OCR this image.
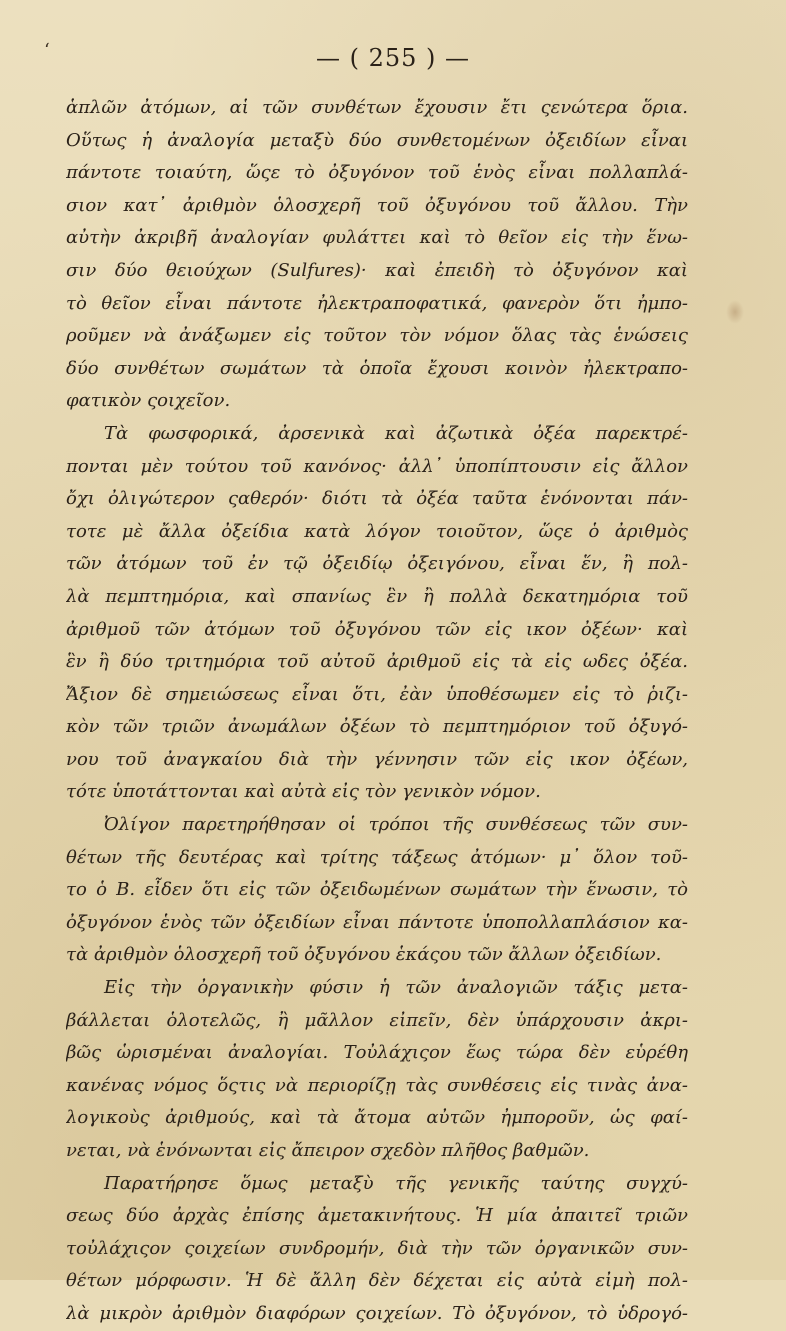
‘	— ( 255 ) —
ἁπλῶν ἀτόμων, αἱ τῶν συνθέτων ἔχουσιν ἔτι ςενώτερα ὅρια.
Οὕτως ἡ ἀναλογία μεταξὺ δύο συνθετομένων ὀξειδίων εἶναι
πάντοτε τοιαύτη, ὥςε τὸ ὀξυγόνον τοῦ ἑνὸς εἶναι πολλαπλά-
σιον κατ᾽ ἀριθμὸν ὁλοσχερῆ τοῦ ὀξυγόνου τοῦ ἄλλου. Τὴν
αὐτὴν ἀκριβῆ ἀναλογίαν φυλάττει καὶ τὸ θεῖον εἰς τὴν ἕνω-
σιν δύο θειούχων (Sulfures)· καὶ ἐπειδὴ τὸ ὀξυγόνον καὶ
τὸ θεῖον εἶναι πάντοτε ἠλεκτραποφατικά, φανερὸν ὅτι ἠμπο-
ροῦμεν νὰ ἀνάξωμεν εἰς τοῦτον τὸν νόμον ὅλας τὰς ἑνώσεις
δύο συνθέτων σωμάτων τὰ ὁποῖα ἔχουσι κοινὸν ἠλεκτραπο-
φατικὸν ςοιχεῖον.
Τὰ φωσφορικά, ἀρσενικὰ καὶ ἀζωτικὰ ὀξέα παρεκτρέ-
πονται μὲν τούτου τοῦ κανόνος· ἀλλ᾽ ὑποπίπτουσιν εἰς ἄλλον
ὄχι ὀλιγώτερον ςαθερόν· διότι τὰ ὀξέα ταῦτα ἑνόνονται πάν-
τοτε μὲ ἄλλα ὀξείδια κατὰ λόγον τοιοῦτον, ὥςε ὁ ἀριθμὸς
τῶν ἀτόμων τοῦ ἐν τῷ ὀξειδίῳ ὀξειγόνου, εἶναι ἕν, ἢ πολ-
λὰ πεμπτημόρια, καὶ σπανίως ἓν ἢ πολλὰ δεκατημόρια τοῦ
ἀριθμοῦ τῶν ἀτόμων τοῦ ὀξυγόνου τῶν εἰς ικον ὀξέων· καὶ
ἓν ἢ δύο τριτημόρια τοῦ αὐτοῦ ἀριθμοῦ εἰς τὰ εἰς ωδες ὀξέα.
Ἄξιον δὲ σημειώσεως εἶναι ὅτι, ἐὰν ὑποθέσωμεν εἰς τὸ ῥιζι-
κὸν τῶν τριῶν ἀνωμάλων ὀξέων τὸ πεμπτημόριον τοῦ ὀξυγό-
νου τοῦ ἀναγκαίου διὰ τὴν γέννησιν τῶν εἰς ικον ὀξέων,
τότε ὑποτάττονται καὶ αὐτὰ εἰς τὸν γενικὸν νόμον.
Ὀλίγον παρετηρήθησαν οἱ τρόποι τῆς συνθέσεως τῶν συν-
θέτων τῆς δευτέρας καὶ τρίτης τάξεως ἀτόμων· μ᾽ ὅλον τοῦ-
το ὁ Β. εἶδεν ὅτι εἰς τῶν ὀξειδωμένων σωμάτων τὴν ἕνωσιν, τὸ
ὀξυγόνον ἑνὸς τῶν ὀξειδίων εἶναι πάντοτε ὑποπολλαπλάσιον κα-
τὰ ἀριθμὸν ὁλοσχερῆ τοῦ ὀξυγόνου ἑκάςου τῶν ἄλλων ὀξειδίων.
Εἰς τὴν ὀργανικὴν φύσιν ἡ τῶν ἀναλογιῶν τάξις μετα-
βάλλεται ὁλοτελῶς, ἢ μᾶλλον εἰπεῖν, δὲν ὑπάρχουσιν ἀκρι-
βῶς ὡρισμέναι ἀναλογίαι. Τοὐλάχιςον ἕως τώρα δὲν εὑρέθη
κανένας νόμος ὅςτις νὰ περιορίζῃ τὰς συνθέσεις εἰς τινὰς ἀνα-
λογικοὺς ἀριθμούς, καὶ τὰ ἄτομα αὐτῶν ἠμποροῦν, ὡς φαί-
νεται, νὰ ἑνόνωνται εἰς ἄπειρον σχεδὸν πλῆθος βαθμῶν.
Παρατήρησε ὅμως μεταξὺ τῆς γενικῆς ταύτης συγχύ-
σεως δύο ἀρχὰς ἐπίσης ἀμετακινήτους. Ἡ μία ἀπαιτεῖ τριῶν
τοὐλάχιςον ςοιχείων συνδρομήν, διὰ τὴν τῶν ὀργανικῶν συν-
θέτων μόρφωσιν. Ἡ δὲ ἄλλη δὲν δέχεται εἰς αὐτὰ εἰμὴ πολ-
λὰ μικρὸν ἀριθμὸν διαφόρων ςοιχείων. Τὸ ὀξυγόνον, τὸ ὑδρογό-
